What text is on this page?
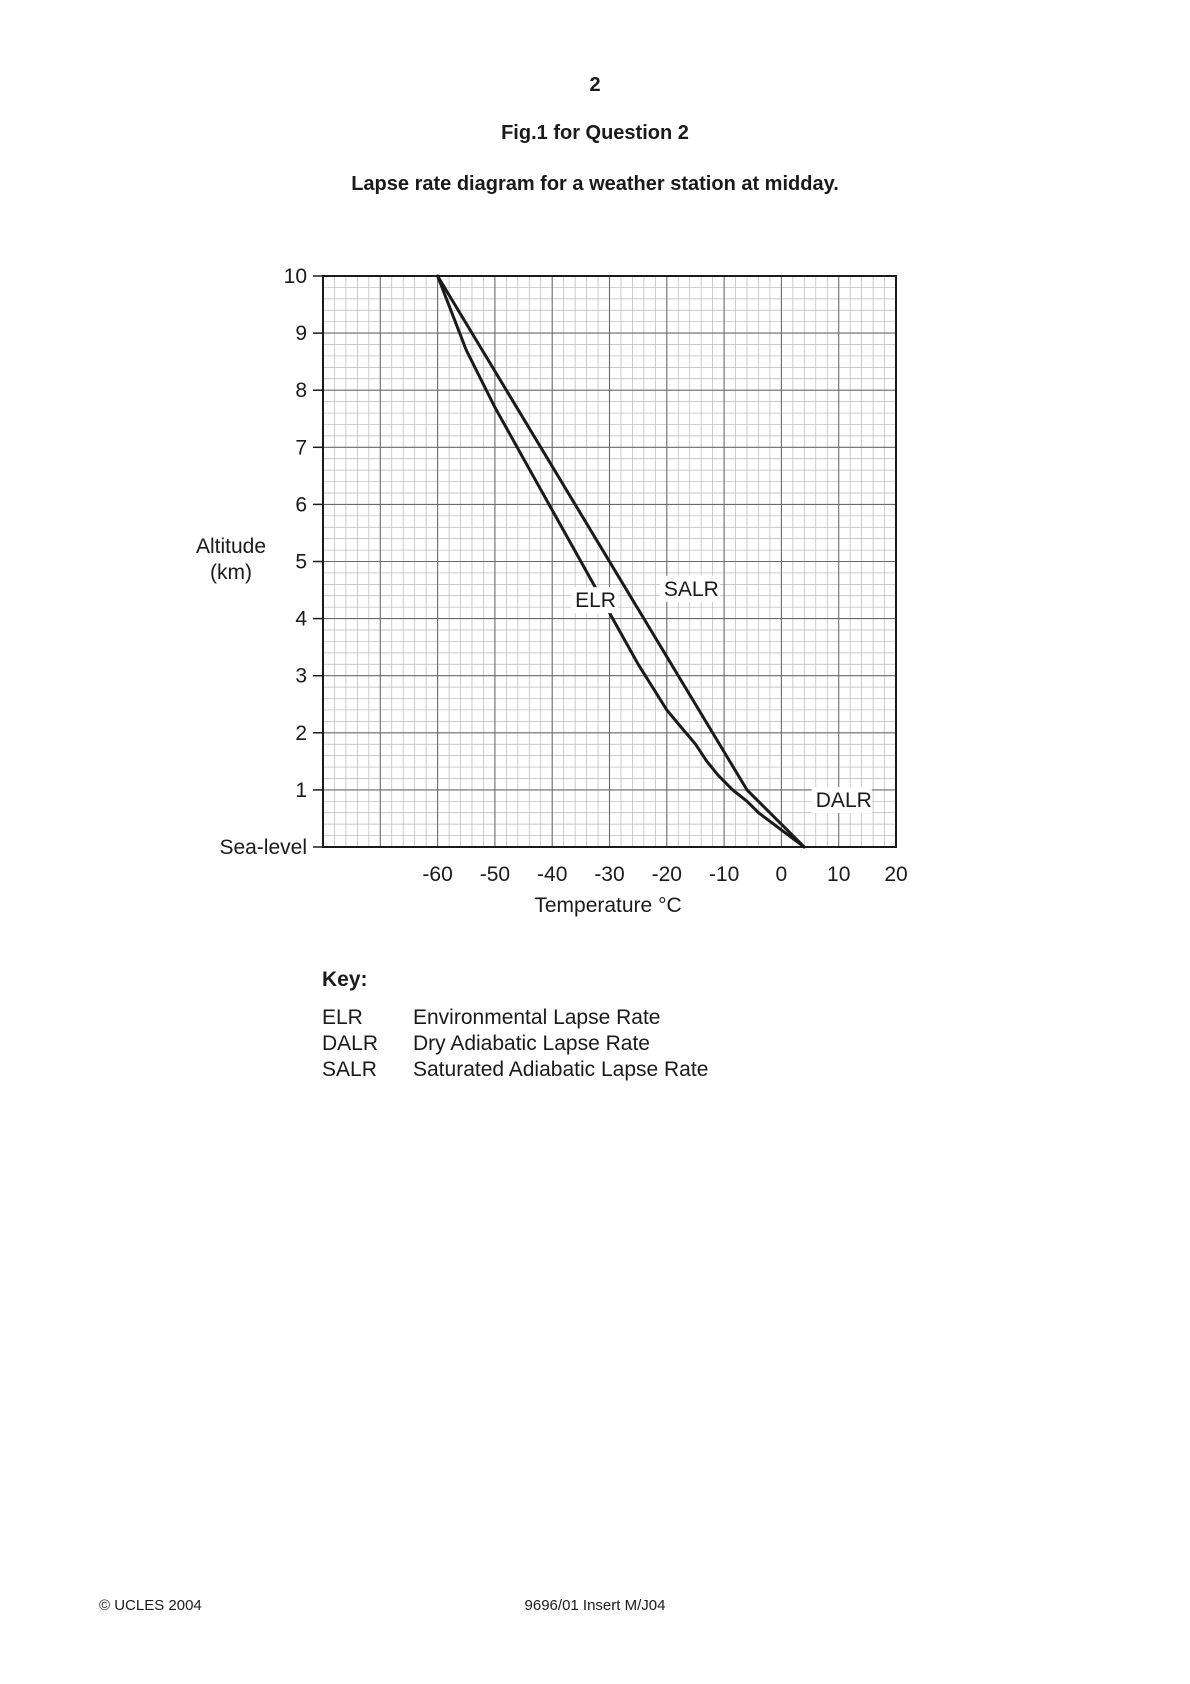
2
Fig.1 for Question 2
Lapse rate diagram for a weather station at midday.
Sea-level
1
2
3
4
5
6
7
8
9
10
-60 -50 -40 -30 -20 -10 0 10 20
ELR SALR
DALR
Altitude
(km)
Temperature °C
Key:
ELR	Environmental Lapse Rate
DALR	Dry Adiabatic Lapse Rate
SALR	Saturated Adiabatic Lapse Rate
© UCLES 2004	9696/01 Insert M/J04
